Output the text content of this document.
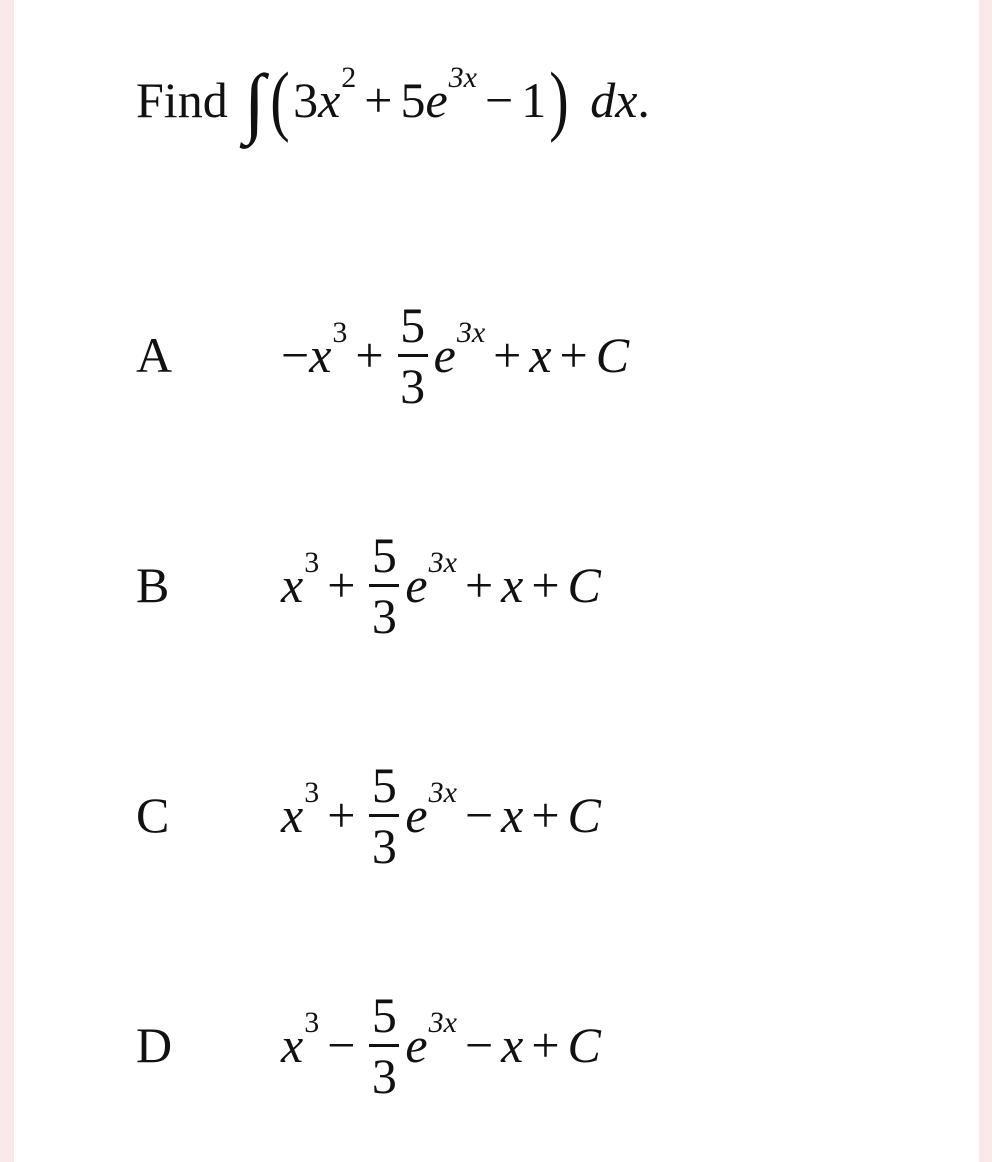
Find ∫ ( 3 x 2 + 5 e 3x − 1 ) dx .
A	− x $3 + \frac{5}{3}$ e 3x + x + C
B	x $3 + \frac{5}{3}$ e 3x + x + C
C	x $3 + \frac{5}{3}$ e 3x − x + C
D	x $3 - \frac{5}{3}$ e 3x − x + C
